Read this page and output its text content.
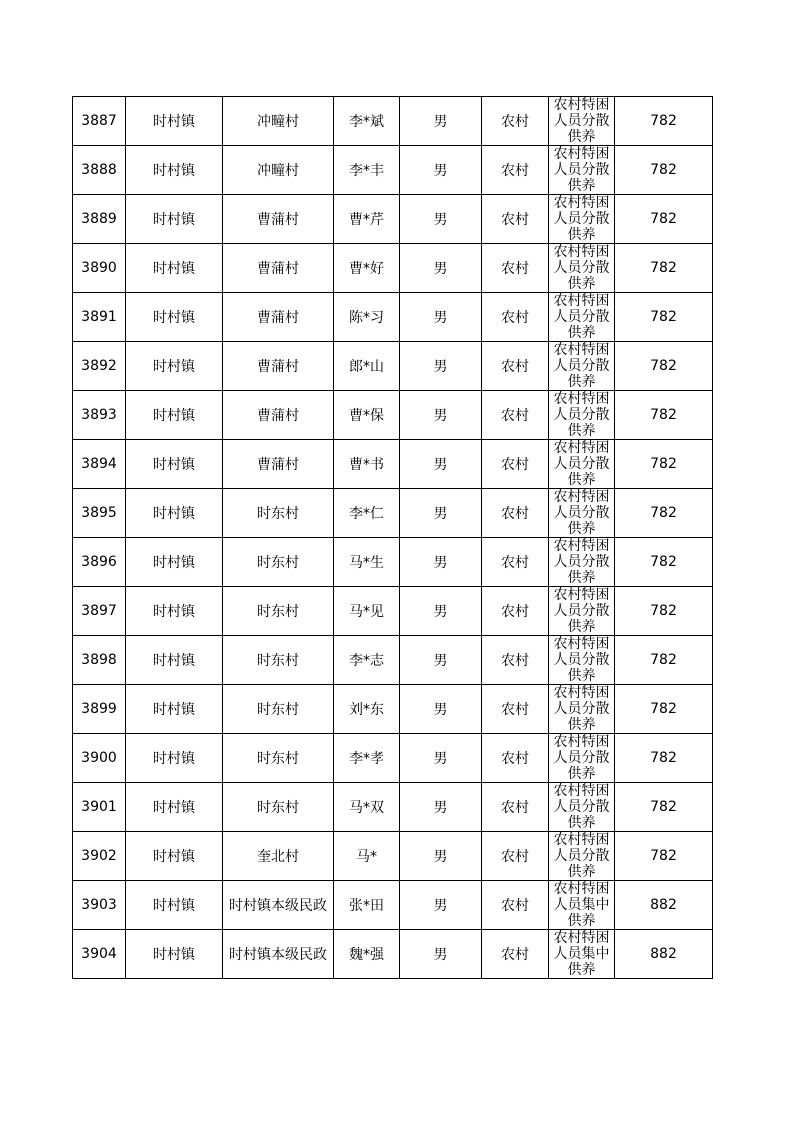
3887	时村镇	冲疃村	李*斌	男	农村	农村特困人员分散供养	782
3888	时村镇	冲疃村	李*丰	男	农村	农村特困人员分散供养	782
3889	时村镇	曹蒲村	曹*芹	男	农村	农村特困人员分散供养	782
3890	时村镇	曹蒲村	曹*好	男	农村	农村特困人员分散供养	782
3891	时村镇	曹蒲村	陈*习	男	农村	农村特困人员分散供养	782
3892	时村镇	曹蒲村	郎*山	男	农村	农村特困人员分散供养	782
3893	时村镇	曹蒲村	曹*保	男	农村	农村特困人员分散供养	782
3894	时村镇	曹蒲村	曹*书	男	农村	农村特困人员分散供养	782
3895	时村镇	时东村	李*仁	男	农村	农村特困人员分散供养	782
3896	时村镇	时东村	马*生	男	农村	农村特困人员分散供养	782
3897	时村镇	时东村	马*见	男	农村	农村特困人员分散供养	782
3898	时村镇	时东村	李*志	男	农村	农村特困人员分散供养	782
3899	时村镇	时东村	刘*东	男	农村	农村特困人员分散供养	782
3900	时村镇	时东村	李*孝	男	农村	农村特困人员分散供养	782
3901	时村镇	时东村	马*双	男	农村	农村特困人员分散供养	782
3902	时村镇	奎北村	马*	男	农村	农村特困人员分散供养	782
3903	时村镇	时村镇本级民政	张*田	男	农村	农村特困人员集中供养	882
3904	时村镇	时村镇本级民政	魏*强	男	农村	农村特困人员集中供养	882
